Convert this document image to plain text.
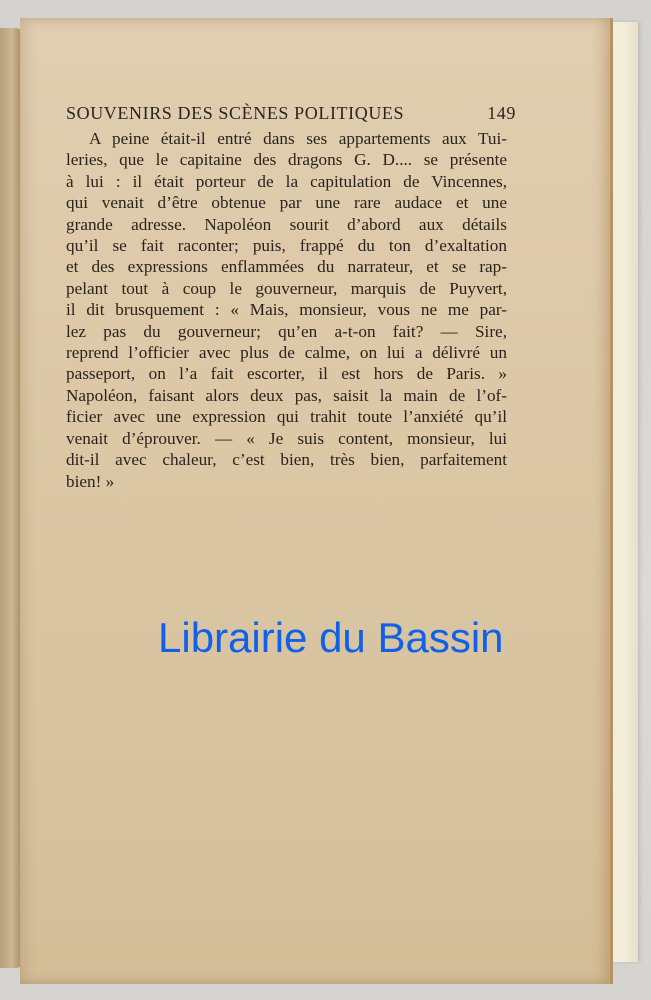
SOUVENIRS DES SCÈNES POLITIQUES	149
A peine était-il entré dans ses appartements aux Tui-
leries, que le capitaine des dragons G. D.... se présente
à lui : il était porteur de la capitulation de Vincennes,
qui venait d’être obtenue par une rare audace et une
grande adresse. Napoléon sourit d’abord aux détails
qu’il se fait raconter; puis, frappé du ton d’exaltation
et des expressions enflammées du narrateur, et se rap-
pelant tout à coup le gouverneur, marquis de Puyvert,
il dit brusquement : « Mais, monsieur, vous ne me par-
lez pas du gouverneur; qu’en a-t-on fait? — Sire,
reprend l’officier avec plus de calme, on lui a délivré un
passeport, on l’a fait escorter, il est hors de Paris. »
Napoléon, faisant alors deux pas, saisit la main de l’of-
ficier avec une expression qui trahit toute l’anxiété qu’il
venait d’éprouver. — « Je suis content, monsieur, lui
dit-il avec chaleur, c’est bien, très bien, parfaitement
bien! »
Librairie du Bassin
